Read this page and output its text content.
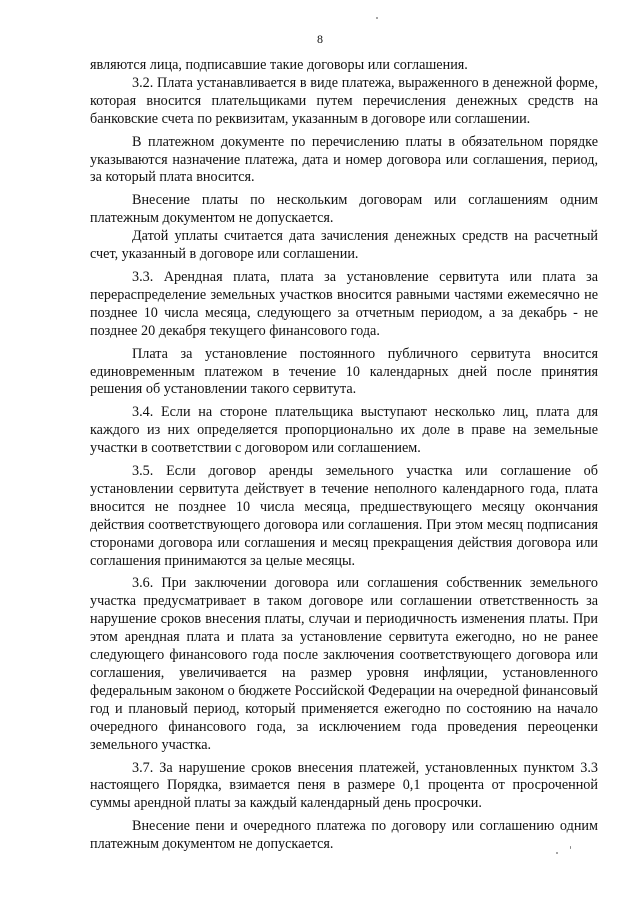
8

являются лица, подписавшие такие договоры или соглашения.

3.2. Плата устанавливается в виде платежа, выраженного в денежной форме, которая вносится плательщиками путем перечисления денежных средств на банковские счета по реквизитам, указанным в договоре или соглашении.

В платежном документе по перечислению платы в обязательном порядке указываются назначение платежа, дата и номер договора или соглашения, период, за который плата вносится.

Внесение платы по нескольким договорам или соглашениям одним платежным документом не допускается.

Датой уплаты считается дата зачисления денежных средств на расчетный счет, указанный в договоре или соглашении.

3.3. Арендная плата, плата за установление сервитута или плата за перераспределение земельных участков вносится равными частями ежемесячно не позднее 10 числа месяца, следующего за отчетным периодом, а за декабрь - не позднее 20 декабря текущего финансового года.

Плата за установление постоянного публичного сервитута вносится единовременным платежом в течение 10 календарных дней после принятия решения об установлении такого сервитута.

3.4. Если на стороне плательщика выступают несколько лиц, плата для каждого из них определяется пропорционально их доле в праве на земельные участки в соответствии с договором или соглашением.

3.5. Если договор аренды земельного участка или соглашение об установлении сервитута действует в течение неполного календарного года, плата вносится не позднее 10 числа месяца, предшествующего месяцу окончания действия соответствующего договора или соглашения. При этом месяц подписания сторонами договора или соглашения и месяц прекращения действия договора или соглашения принимаются за целые месяцы.

3.6. При заключении договора или соглашения собственник земельного участка предусматривает в таком договоре или соглашении ответственность за нарушение сроков внесения платы, случаи и периодичность изменения платы. При этом арендная плата и плата за установление сервитута ежегодно, но не ранее следующего финансового года после заключения соответствующего договора или соглашения, увеличивается на размер уровня инфляции, установленного федеральным законом о бюджете Российской Федерации на очередной финансовый год и плановый период, который применяется ежегодно по состоянию на начало очередного финансового года, за исключением года проведения переоценки земельного участка.

3.7. За нарушение сроков внесения платежей, установленных пунктом 3.3 настоящего Порядка, взимается пеня в размере 0,1 процента от просроченной суммы арендной платы за каждый календарный день просрочки.

Внесение пени и очередного платежа по договору или соглашению одним платежным документом не допускается.
